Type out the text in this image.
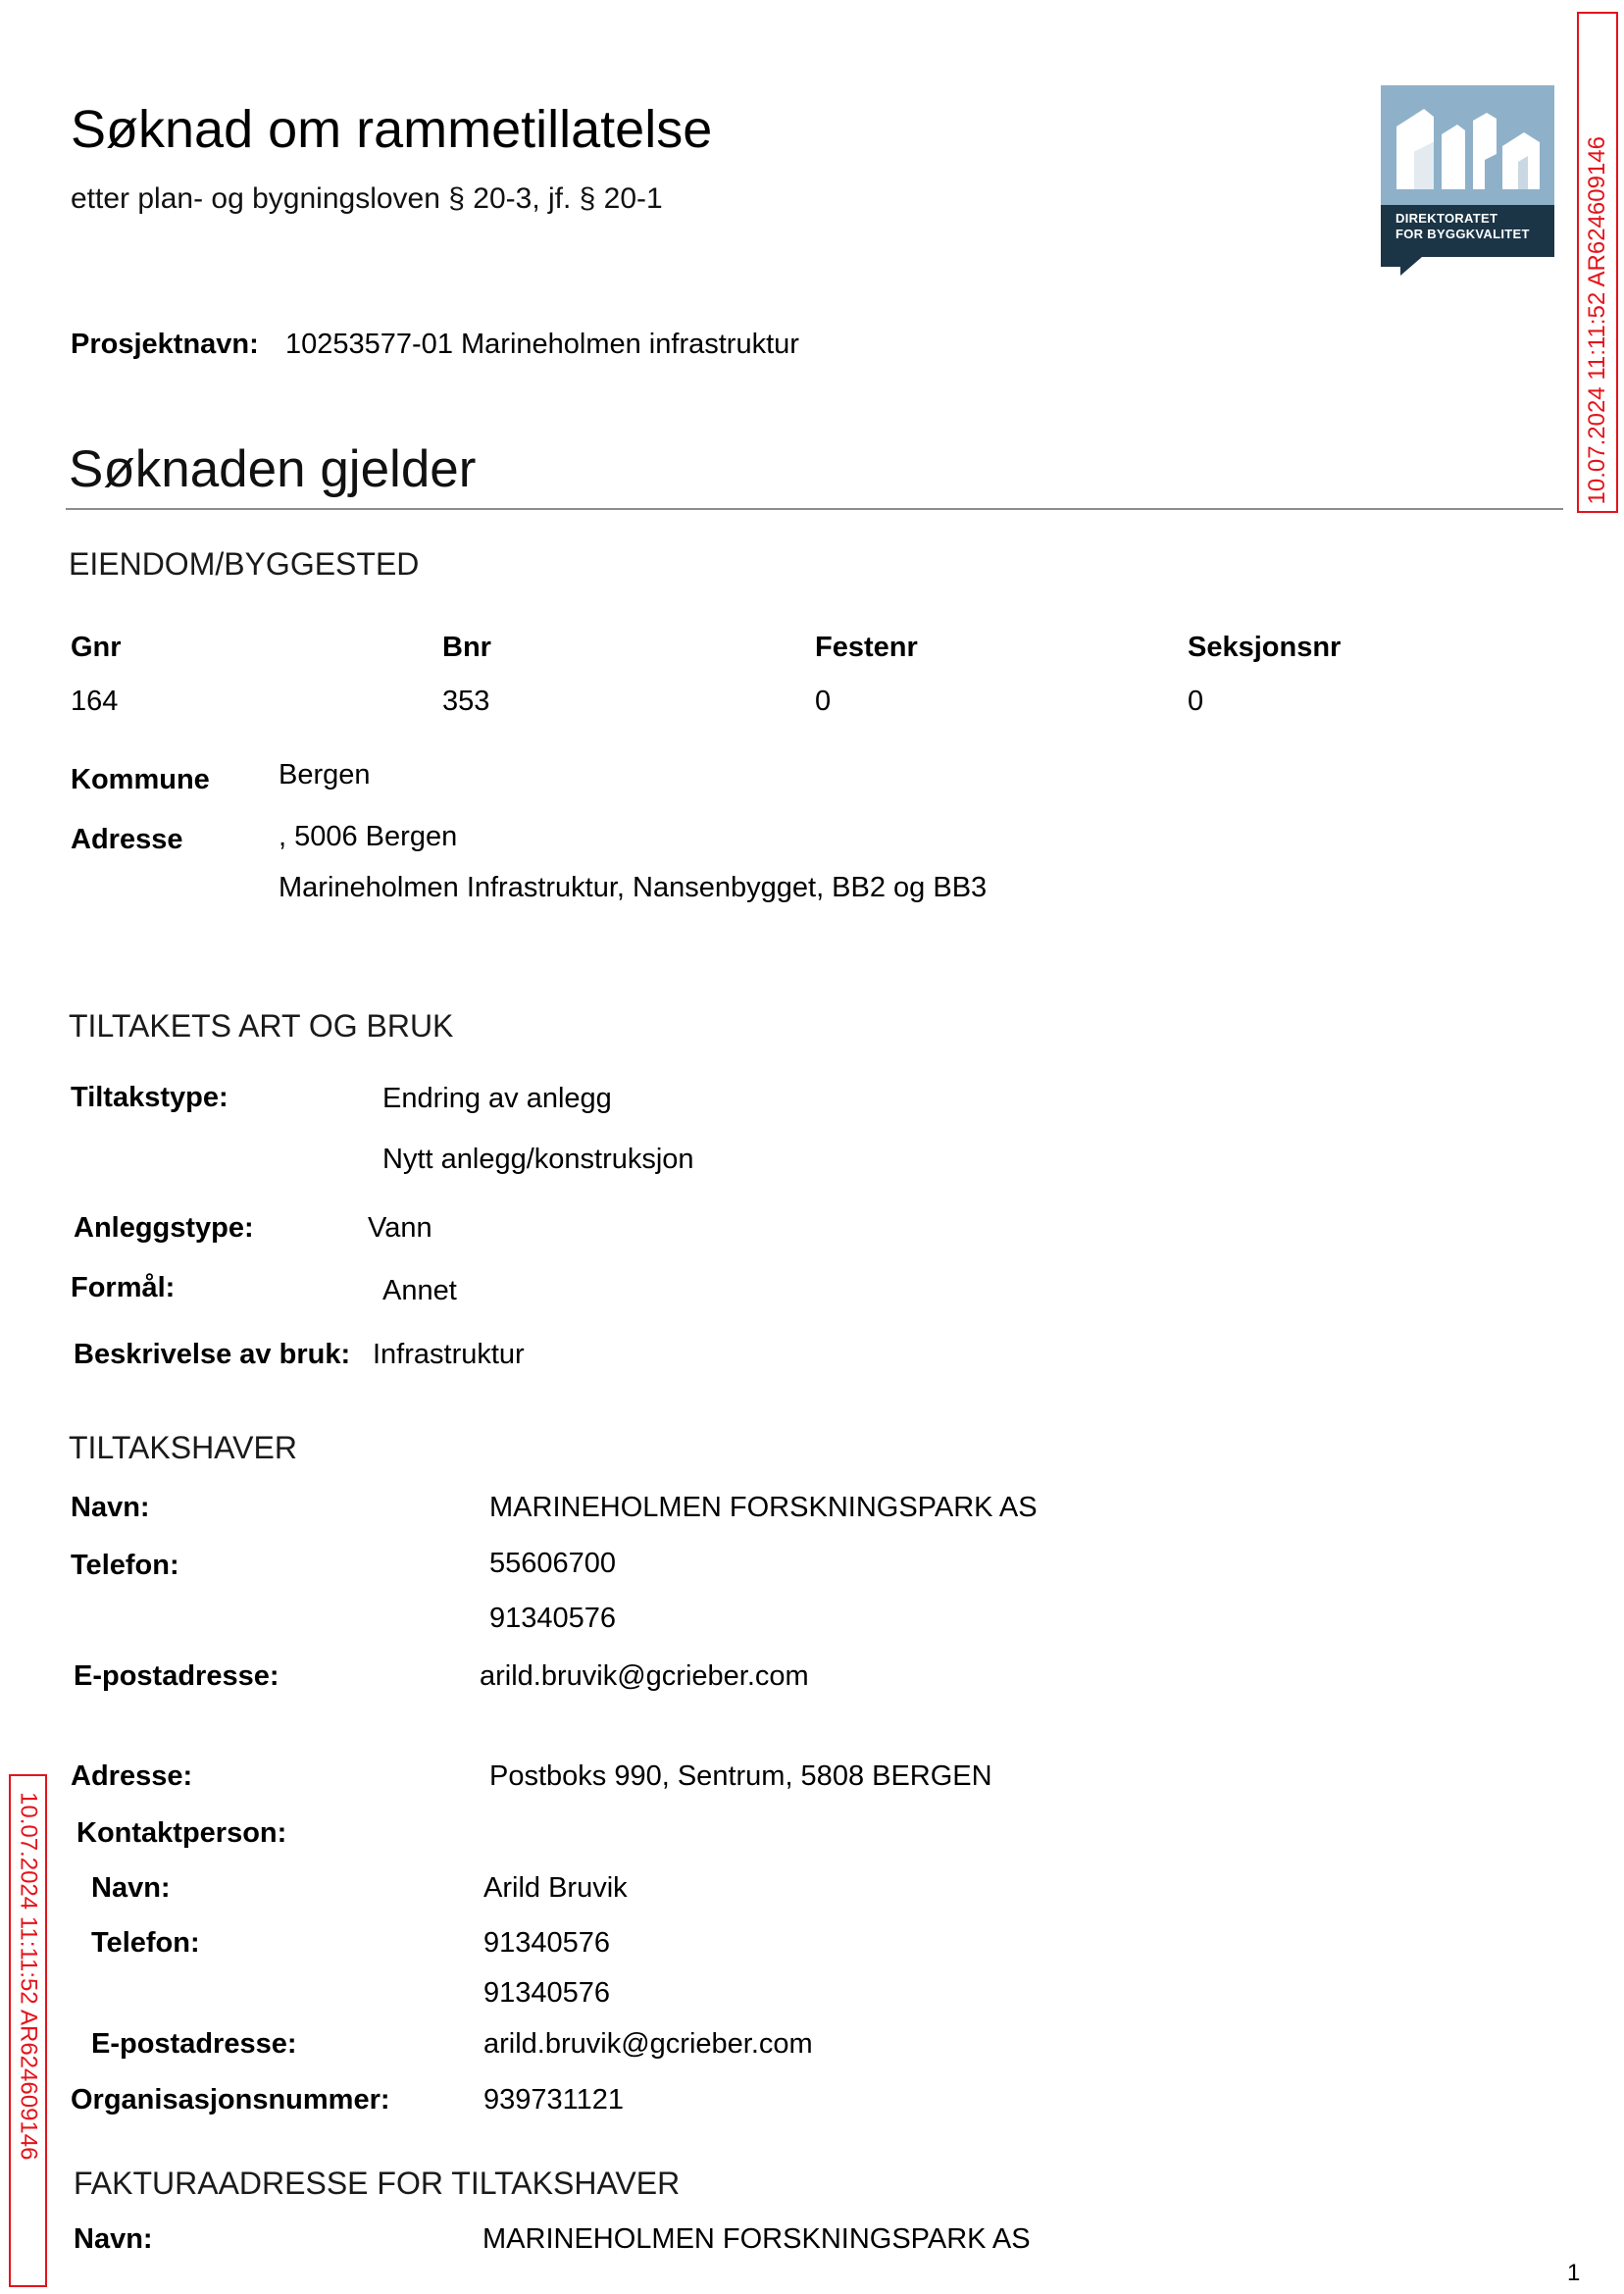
Søknad om rammetillatelse
etter plan- og bygningsloven § 20-3, jf. § 20-1
DIREKTORATET
FOR BYGGKVALITET	10.07.2024 11:11:52 AR624609146
10.07.2024 11:11:52 AR624609146
Prosjektnavn: 10253577-01 Marineholmen infrastruktur
Søknaden gjelder
EIENDOM/BYGGESTED
Gnr	Bnr	Festenr	Seksjonsnr
164	353	0	0
Kommune Bergen
Adresse	, 5006 Bergen
Marineholmen Infrastruktur, Nansenbygget, BB2 og BB3
TILTAKETS ART OG BRUK
Tiltakstype:	Endring av anlegg
Nytt anlegg/konstruksjon
Anleggstype:	Vann
Formål:	Annet
Beskrivelse av bruk: Infrastruktur
TILTAKSHAVER
Navn:	MARINEHOLMEN FORSKNINGSPARK AS
Telefon:	55606700
91340576
E-postadresse:	arild.bruvik@gcrieber.com
Adresse:	Postboks 990, Sentrum, 5808 BERGEN
Kontaktperson:
Navn:	Arild Bruvik
Telefon:	91340576
91340576
E-postadresse:	arild.bruvik@gcrieber.com
Organisasjonsnummer:	939731121
FAKTURAADRESSE FOR TILTAKSHAVER
Navn:	MARINEHOLMEN FORSKNINGSPARK AS
1
